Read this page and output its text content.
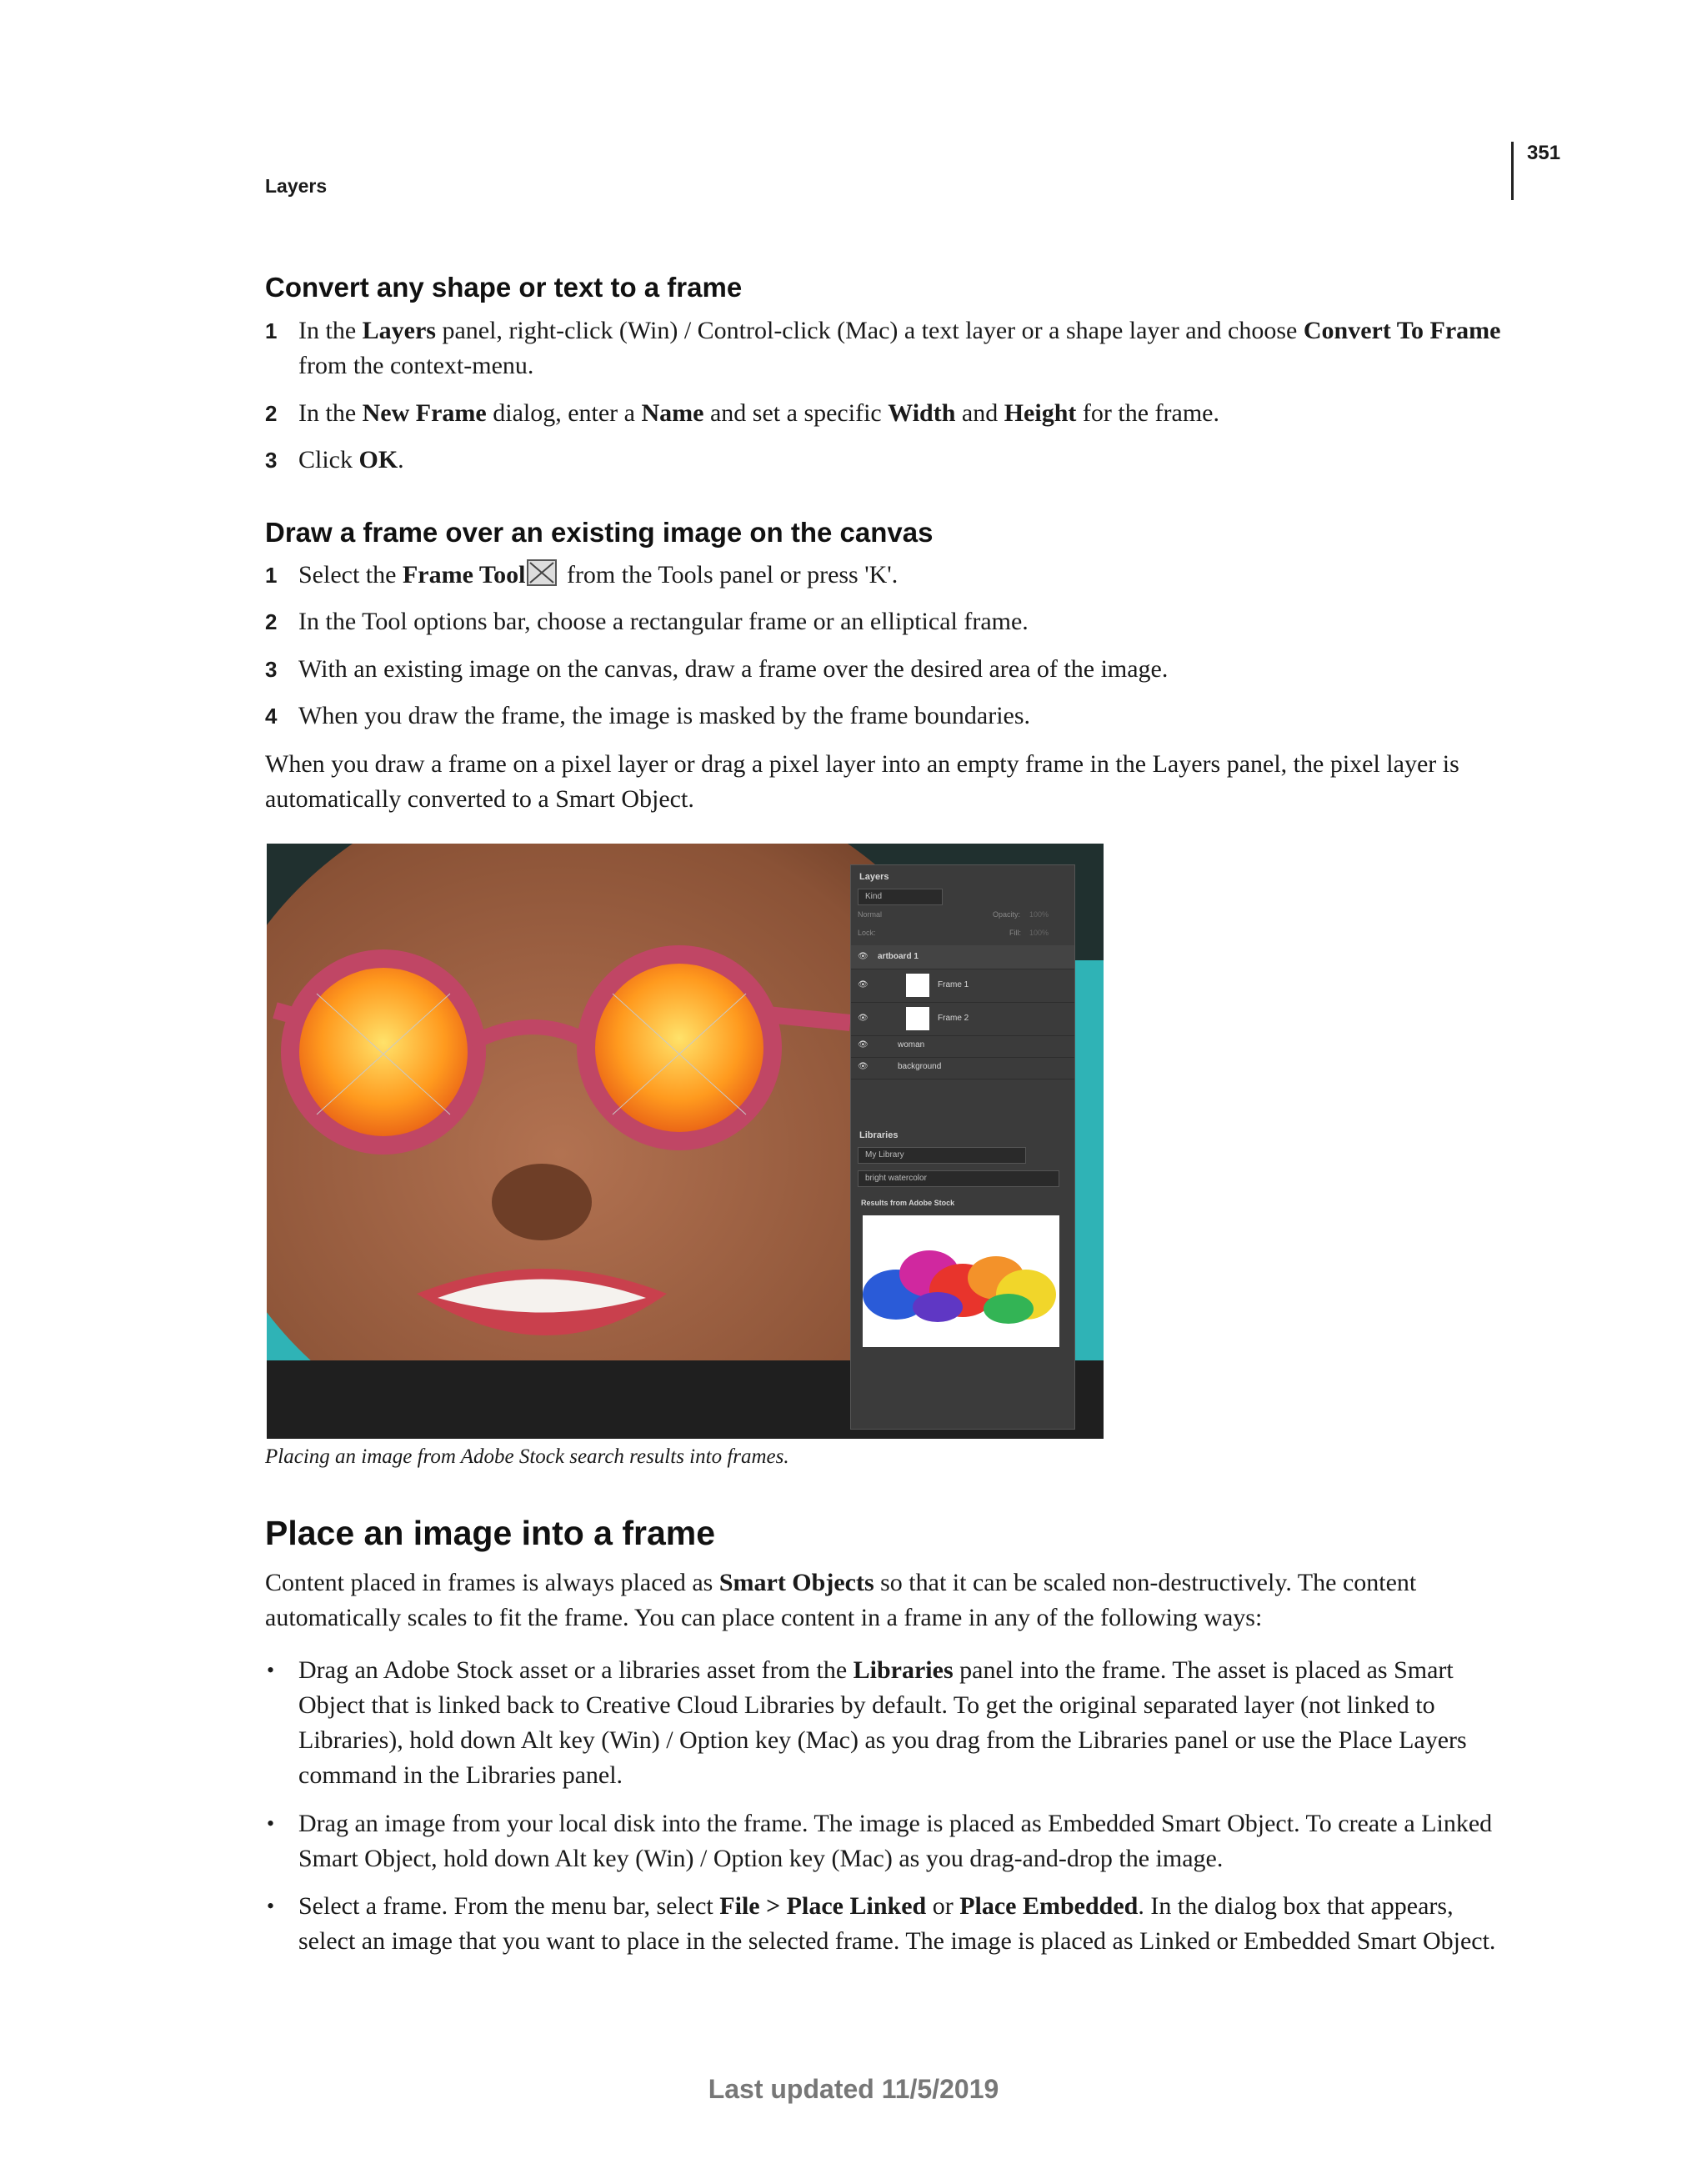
351
Layers
Convert any shape or text to a frame
1 In the Layers panel, right-click (Win) / Control-click (Mac) a text layer or a shape layer and choose Convert To Frame from the context-menu.
2 In the New Frame dialog, enter a Name and set a specific Width and Height for the frame.
3 Click OK.
Draw a frame over an existing image on the canvas
1 Select the Frame Tool
from the Tools panel or press 'K'.
2 In the Tool options bar, choose a rectangular frame or an elliptical frame.
3 With an existing image on the canvas, draw a frame over the desired area of the image.
4 When you draw the frame, the image is masked by the frame boundaries.

When you draw a frame on a pixel layer or drag a pixel layer into an empty frame in the Layers panel, the pixel layer is automatically converted to a Smart Object.

Layers
Kind
Normal	Opacity: 100%
Lock:	Fill: 100%
👁 artboard 1
👁	Frame 1
👁	Frame 2
👁	woman
👁	background
Libraries
My Library
bright watercolor
Results from Adobe Stock
Placing an image from Adobe Stock search results into frames.
Place an image into a frame

Content placed in frames is always placed as Smart Objects so that it can be scaled non-destructively. The content automatically scales to fit the frame. You can place content in a frame in any of the following ways:

• Drag an Adobe Stock asset or a libraries asset from the Libraries panel into the frame. The asset is placed as Smart Object that is linked back to Creative Cloud Libraries by default. To get the original separated layer (not linked to Libraries), hold down Alt key (Win) / Option key (Mac) as you drag from the Libraries panel or use the Place Layers command in the Libraries panel.
• Drag an image from your local disk into the frame. The image is placed as Embedded Smart Object. To create a Linked Smart Object, hold down Alt key (Win) / Option key (Mac) as you drag-and-drop the image.
• Select a frame. From the menu bar, select File > Place Linked or Place Embedded. In the dialog box that appears, select an image that you want to place in the selected frame. The image is placed as Linked or Embedded Smart Object.
Last updated 11/5/2019
